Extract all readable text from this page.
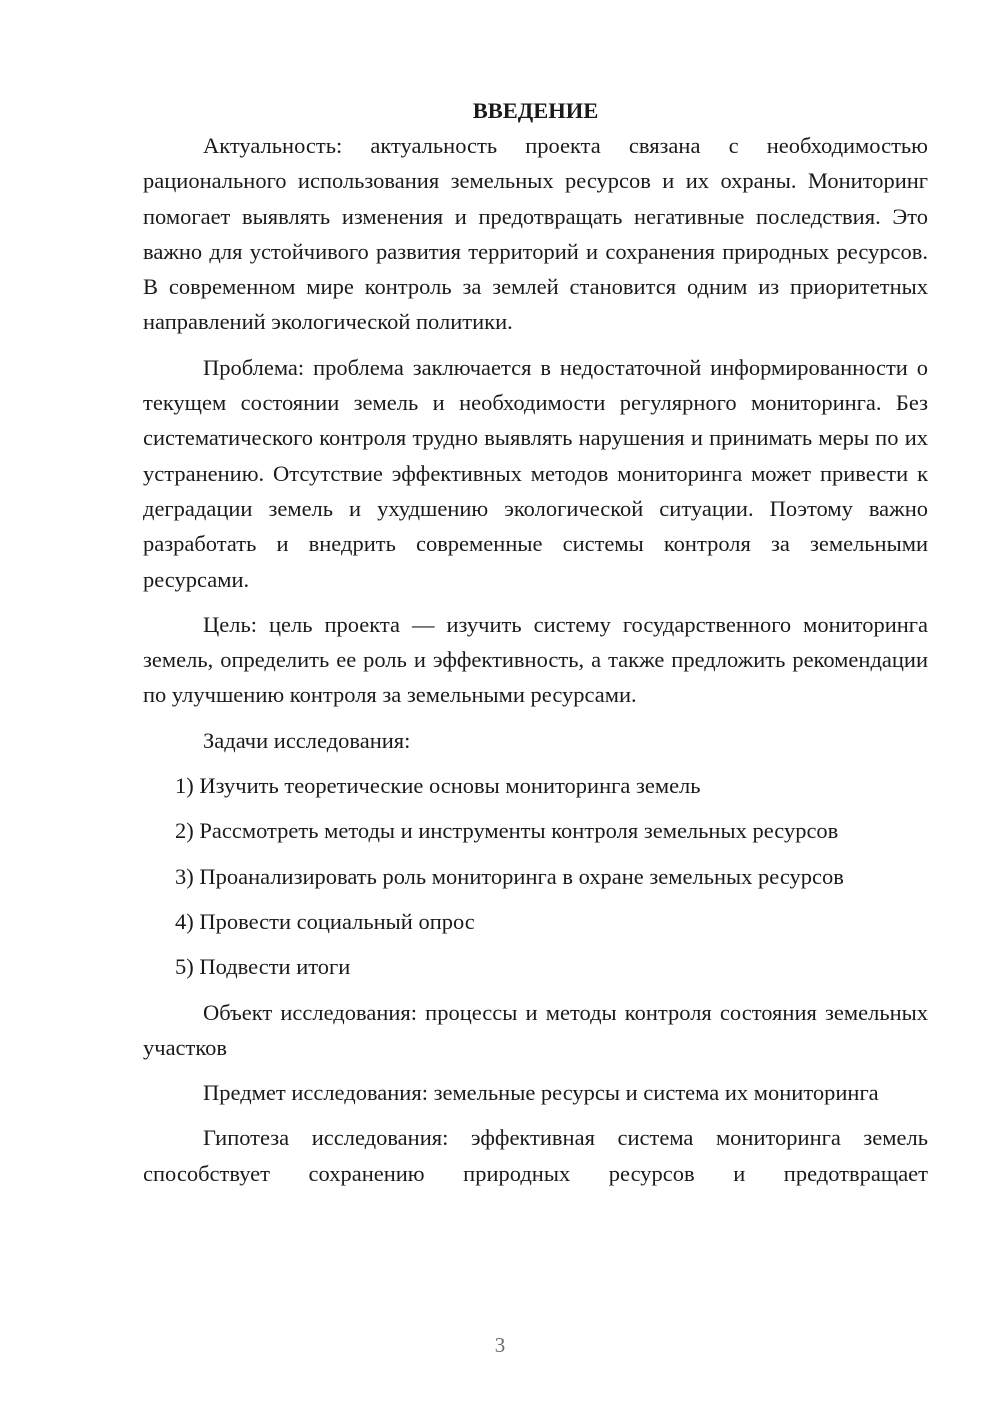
ВВЕДЕНИЕ

Актуальность: актуальность проекта связана с необходимостью рационального использования земельных ресурсов и их охраны. Мониторинг помогает выявлять изменения и предотвращать негативные последствия. Это важно для устойчивого развития территорий и сохранения природных ресурсов. В современном мире контроль за землей становится одним из приоритетных направлений экологической политики.

Проблема: проблема заключается в недостаточной информированности о текущем состоянии земель и необходимости регулярного мониторинга. Без систематического контроля трудно выявлять нарушения и принимать меры по их устранению. Отсутствие эффективных методов мониторинга может привести к деградации земель и ухудшению экологической ситуации. Поэтому важно разработать и внедрить современные системы контроля за земельными ресурсами.

Цель: цель проекта — изучить систему государственного мониторинга земель, определить ее роль и эффективность, а также предложить рекомендации по улучшению контроля за земельными ресурсами.

Задачи исследования:

1) Изучить теоретические основы мониторинга земель

2) Рассмотреть методы и инструменты контроля земельных ресурсов

3) Проанализировать роль мониторинга в охране земельных ресурсов

4) Провести социальный опрос

5) Подвести итоги

Объект исследования: процессы и методы контроля состояния земельных участков

Предмет исследования: земельные ресурсы и система их мониторинга

Гипотеза исследования: эффективная система мониторинга земель способствует сохранению природных ресурсов и предотвращает

3
